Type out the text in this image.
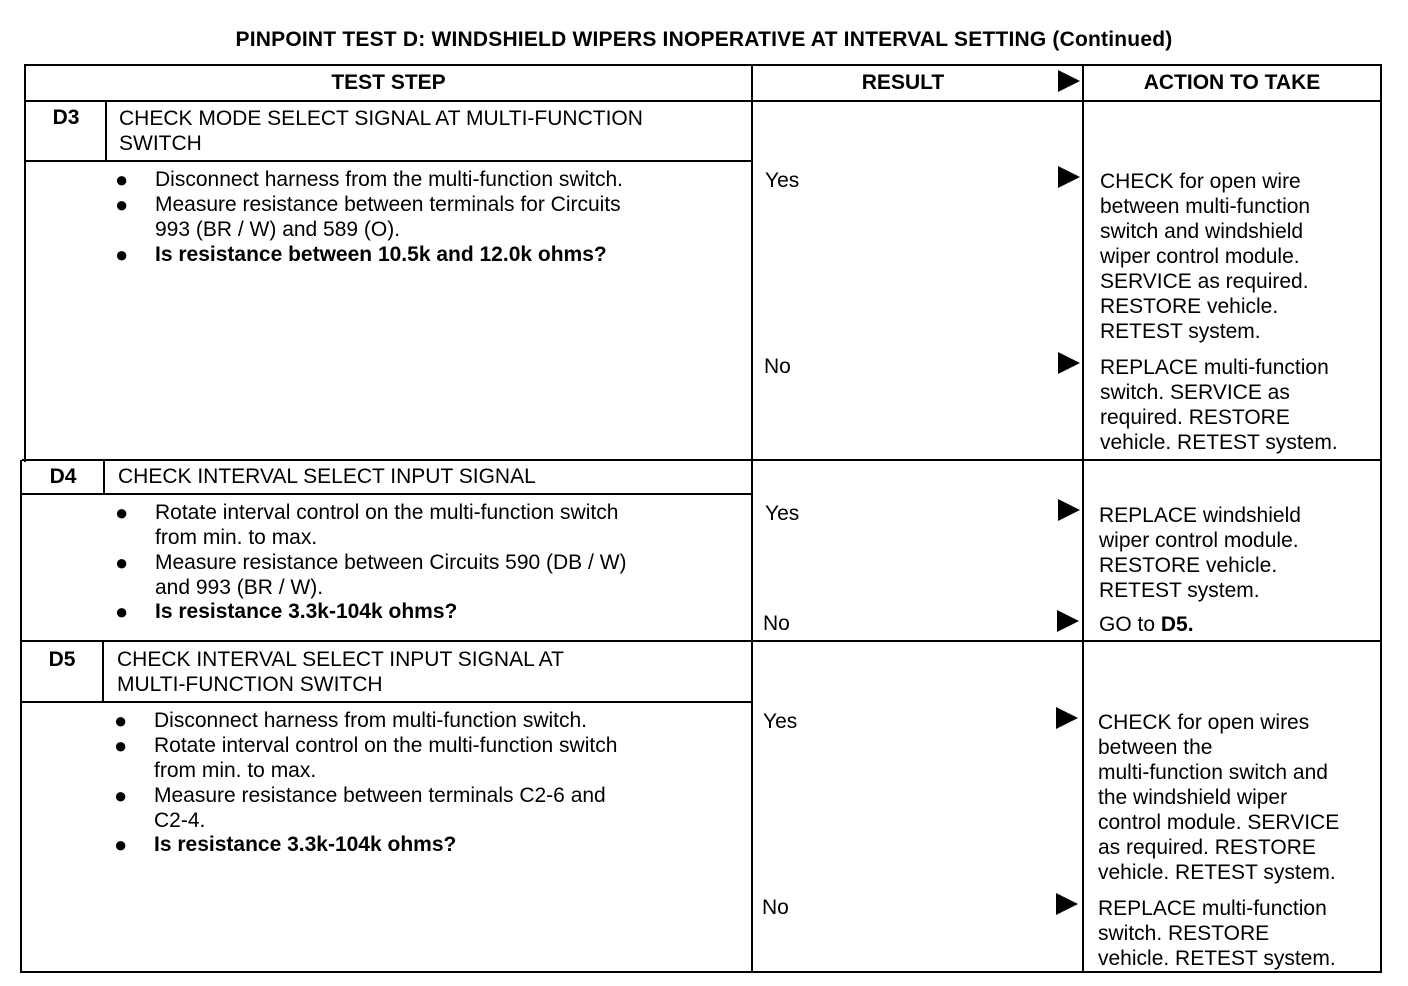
PINPOINT TEST D: WINDSHIELD WIPERS INOPERATIVE AT INTERVAL SETTING (Continued)
TEST STEP	RESULT	ACTION TO TAKE
D3	CHECK MODE SELECT SIGNAL AT MULTI-FUNCTION
SWITCH
● Disconnect harness from the multi-function switch.
● Measure resistance between terminals for Circuits
993 (BR / W) and 589 (O).
● Is resistance between 10.5k and 12.0k ohms?
Yes	CHECK for open wire
between multi-function
switch and windshield
wiper control module.
SERVICE as required.
RESTORE vehicle.
RETEST system.
No	REPLACE multi-function
switch. SERVICE as
required. RESTORE
vehicle. RETEST system.
D4	CHECK INTERVAL SELECT INPUT SIGNAL
● Rotate interval control on the multi-function switch
from min. to max.
● Measure resistance between Circuits 590 (DB / W)
and 993 (BR / W).
● Is resistance 3.3k-104k ohms?
Yes	REPLACE windshield
wiper control module.
RESTORE vehicle.
RETEST system.
No	GO to D5.
D5	CHECK INTERVAL SELECT INPUT SIGNAL AT
MULTI-FUNCTION SWITCH
● Disconnect harness from multi-function switch.
● Rotate interval control on the multi-function switch
from min. to max.
● Measure resistance between terminals C2-6 and
C2-4.
● Is resistance 3.3k-104k ohms?
Yes	CHECK for open wires
between the
multi-function switch and
the windshield wiper
control module. SERVICE
as required. RESTORE
vehicle. RETEST system.
No	REPLACE multi-function
switch. RESTORE
vehicle. RETEST system.
